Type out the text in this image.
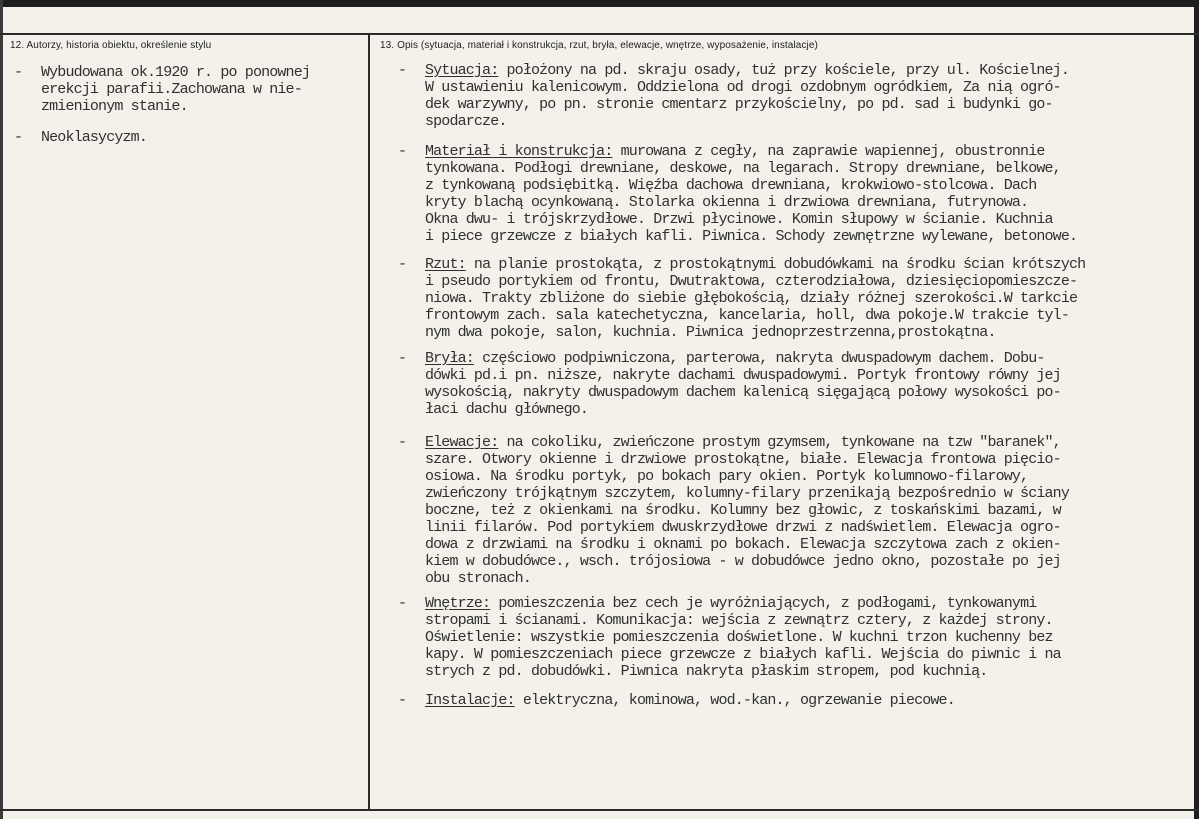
12. Autorzy, historia obiektu, określenie stylu	13. Opis (sytuacja, materiał i konstrukcja, rzut, bryła, elewacje, wnętrze, wyposażenie, instalacje)
- Wybudowana ok.1920 r. po ponownej
erekcji parafii.Zachowana w nie-
zmienionym stanie.
- Neoklasycyzm.
- Sytuacja: położony na pd. skraju osady, tuż przy kościele, przy ul. Kościelnej.
W ustawieniu kalenicowym. Oddzielona od drogi ozdobnym ogródkiem, Za nią ogró-
dek warzywny, po pn. stronie cmentarz przykościelny, po pd. sad i budynki go-
spodarcze.
- Materiał i konstrukcja: murowana z cegły, na zaprawie wapiennej, obustronnie
tynkowana. Podłogi drewniane, deskowe, na legarach. Stropy drewniane, belkowe,
z tynkowaną podsiębitką. Więźba dachowa drewniana, krokwiowo-stolcowa. Dach
kryty blachą ocynkowaną. Stolarka okienna i drzwiowa drewniana, futrynowa.
Okna dwu- i trójskrzydłowe. Drzwi płycinowe. Komin słupowy w ścianie. Kuchnia
i piece grzewcze z białych kafli. Piwnica. Schody zewnętrzne wylewane, betonowe.
- Rzut: na planie prostokąta, z prostokątnymi dobudówkami na środku ścian krótszych
i pseudo portykiem od frontu, Dwutraktowa, czterodziałowa, dziesięciopomieszcze-
niowa. Trakty zbliżone do siebie głębokością, działy różnej szerokości.W tarkcie
frontowym zach. sala katechetyczna, kancelaria, holl, dwa pokoje.W trakcie tyl-
nym dwa pokoje, salon, kuchnia. Piwnica jednoprzestrzenna,prostokątna.
- Bryła: częściowo podpiwniczona, parterowa, nakryta dwuspadowym dachem. Dobu-
dówki pd.i pn. niższe, nakryte dachami dwuspadowymi. Portyk frontowy równy jej
wysokością, nakryty dwuspadowym dachem kalenicą sięgającą połowy wysokości po-
łaci dachu głównego.
- Elewacje: na cokoliku, zwieńczone prostym gzymsem, tynkowane na tzw "baranek",
szare. Otwory okienne i drzwiowe prostokątne, białe. Elewacja frontowa pięcio-
osiowa. Na środku portyk, po bokach pary okien. Portyk kolumnowo-filarowy,
zwieńczony trójkątnym szczytem, kolumny-filary przenikają bezpośrednio w ściany
boczne, też z okienkami na środku. Kolumny bez głowic, z toskańskimi bazami, w
linii filarów. Pod portykiem dwuskrzydłowe drzwi z nadświetlem. Elewacja ogro-
dowa z drzwiami na środku i oknami po bokach. Elewacja szczytowa zach z okien-
kiem w dobudówce., wsch. trójosiowa - w dobudówce jedno okno, pozostałe po jej
obu stronach.
- Wnętrze: pomieszczenia bez cech je wyróżniających, z podłogami, tynkowanymi
stropami i ścianami. Komunikacja: wejścia z zewnątrz cztery, z każdej strony.
Oświetlenie: wszystkie pomieszczenia doświetlone. W kuchni trzon kuchenny bez
kapy. W pomieszczeniach piece grzewcze z białych kafli. Wejścia do piwnic i na
strych z pd. dobudówki. Piwnica nakryta płaskim stropem, pod kuchnią.
- Instalacje: elektryczna, kominowa, wod.-kan., ogrzewanie piecowe.
